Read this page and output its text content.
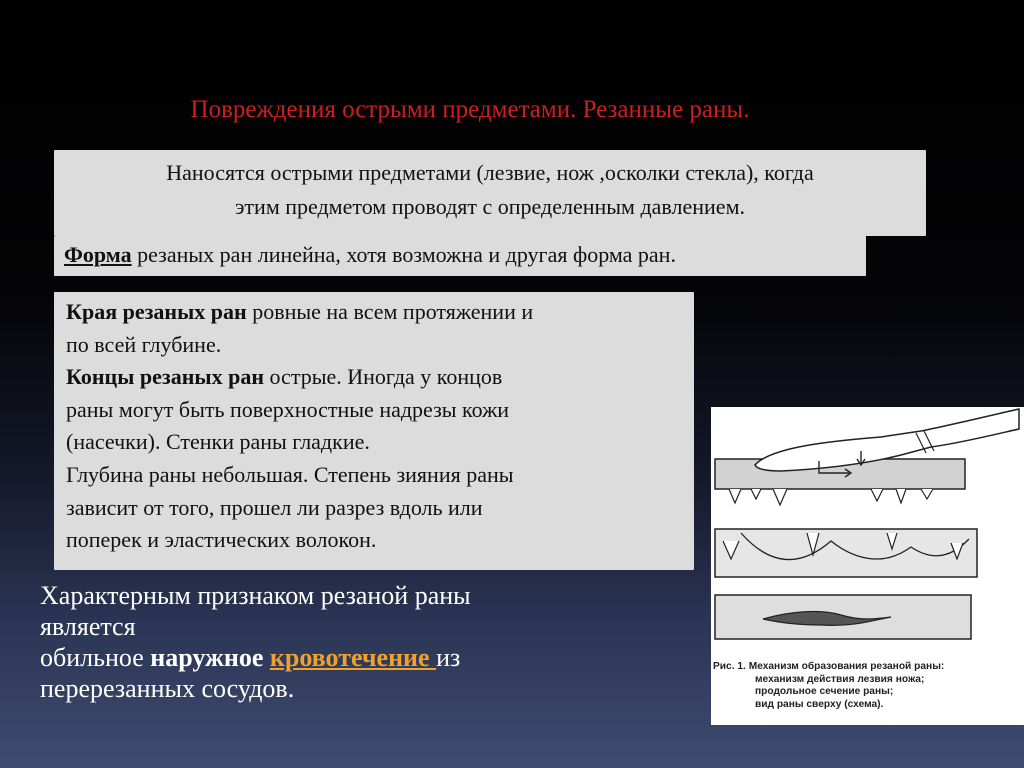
Повреждения острыми предметами. Резанные раны.
Наносятся острыми предметами (лезвие, нож ,осколки стекла), когда
этим предметом проводят с определенным давлением.
Форма резаных ран линейна, хотя возможна и другая форма ран.
Края резаных ран ровные на всем протяжении и
по всей глубине.
Концы резаных ран острые. Иногда у концов
раны могут быть поверхностные надрезы кожи
(насечки). Стенки раны гладкие.
Глубина раны небольшая. Степень зияния раны
зависит от того, прошел ли разрез вдоль или
поперек и эластических волокон.
Характерным признаком резаной раны
является
обильное наружное кровотечение из
перерезанных сосудов.
Рис. 1. Механизм образования резаной раны:
механизм действия лезвия ножа;
продольное сечение раны;
вид раны сверху (схема).
